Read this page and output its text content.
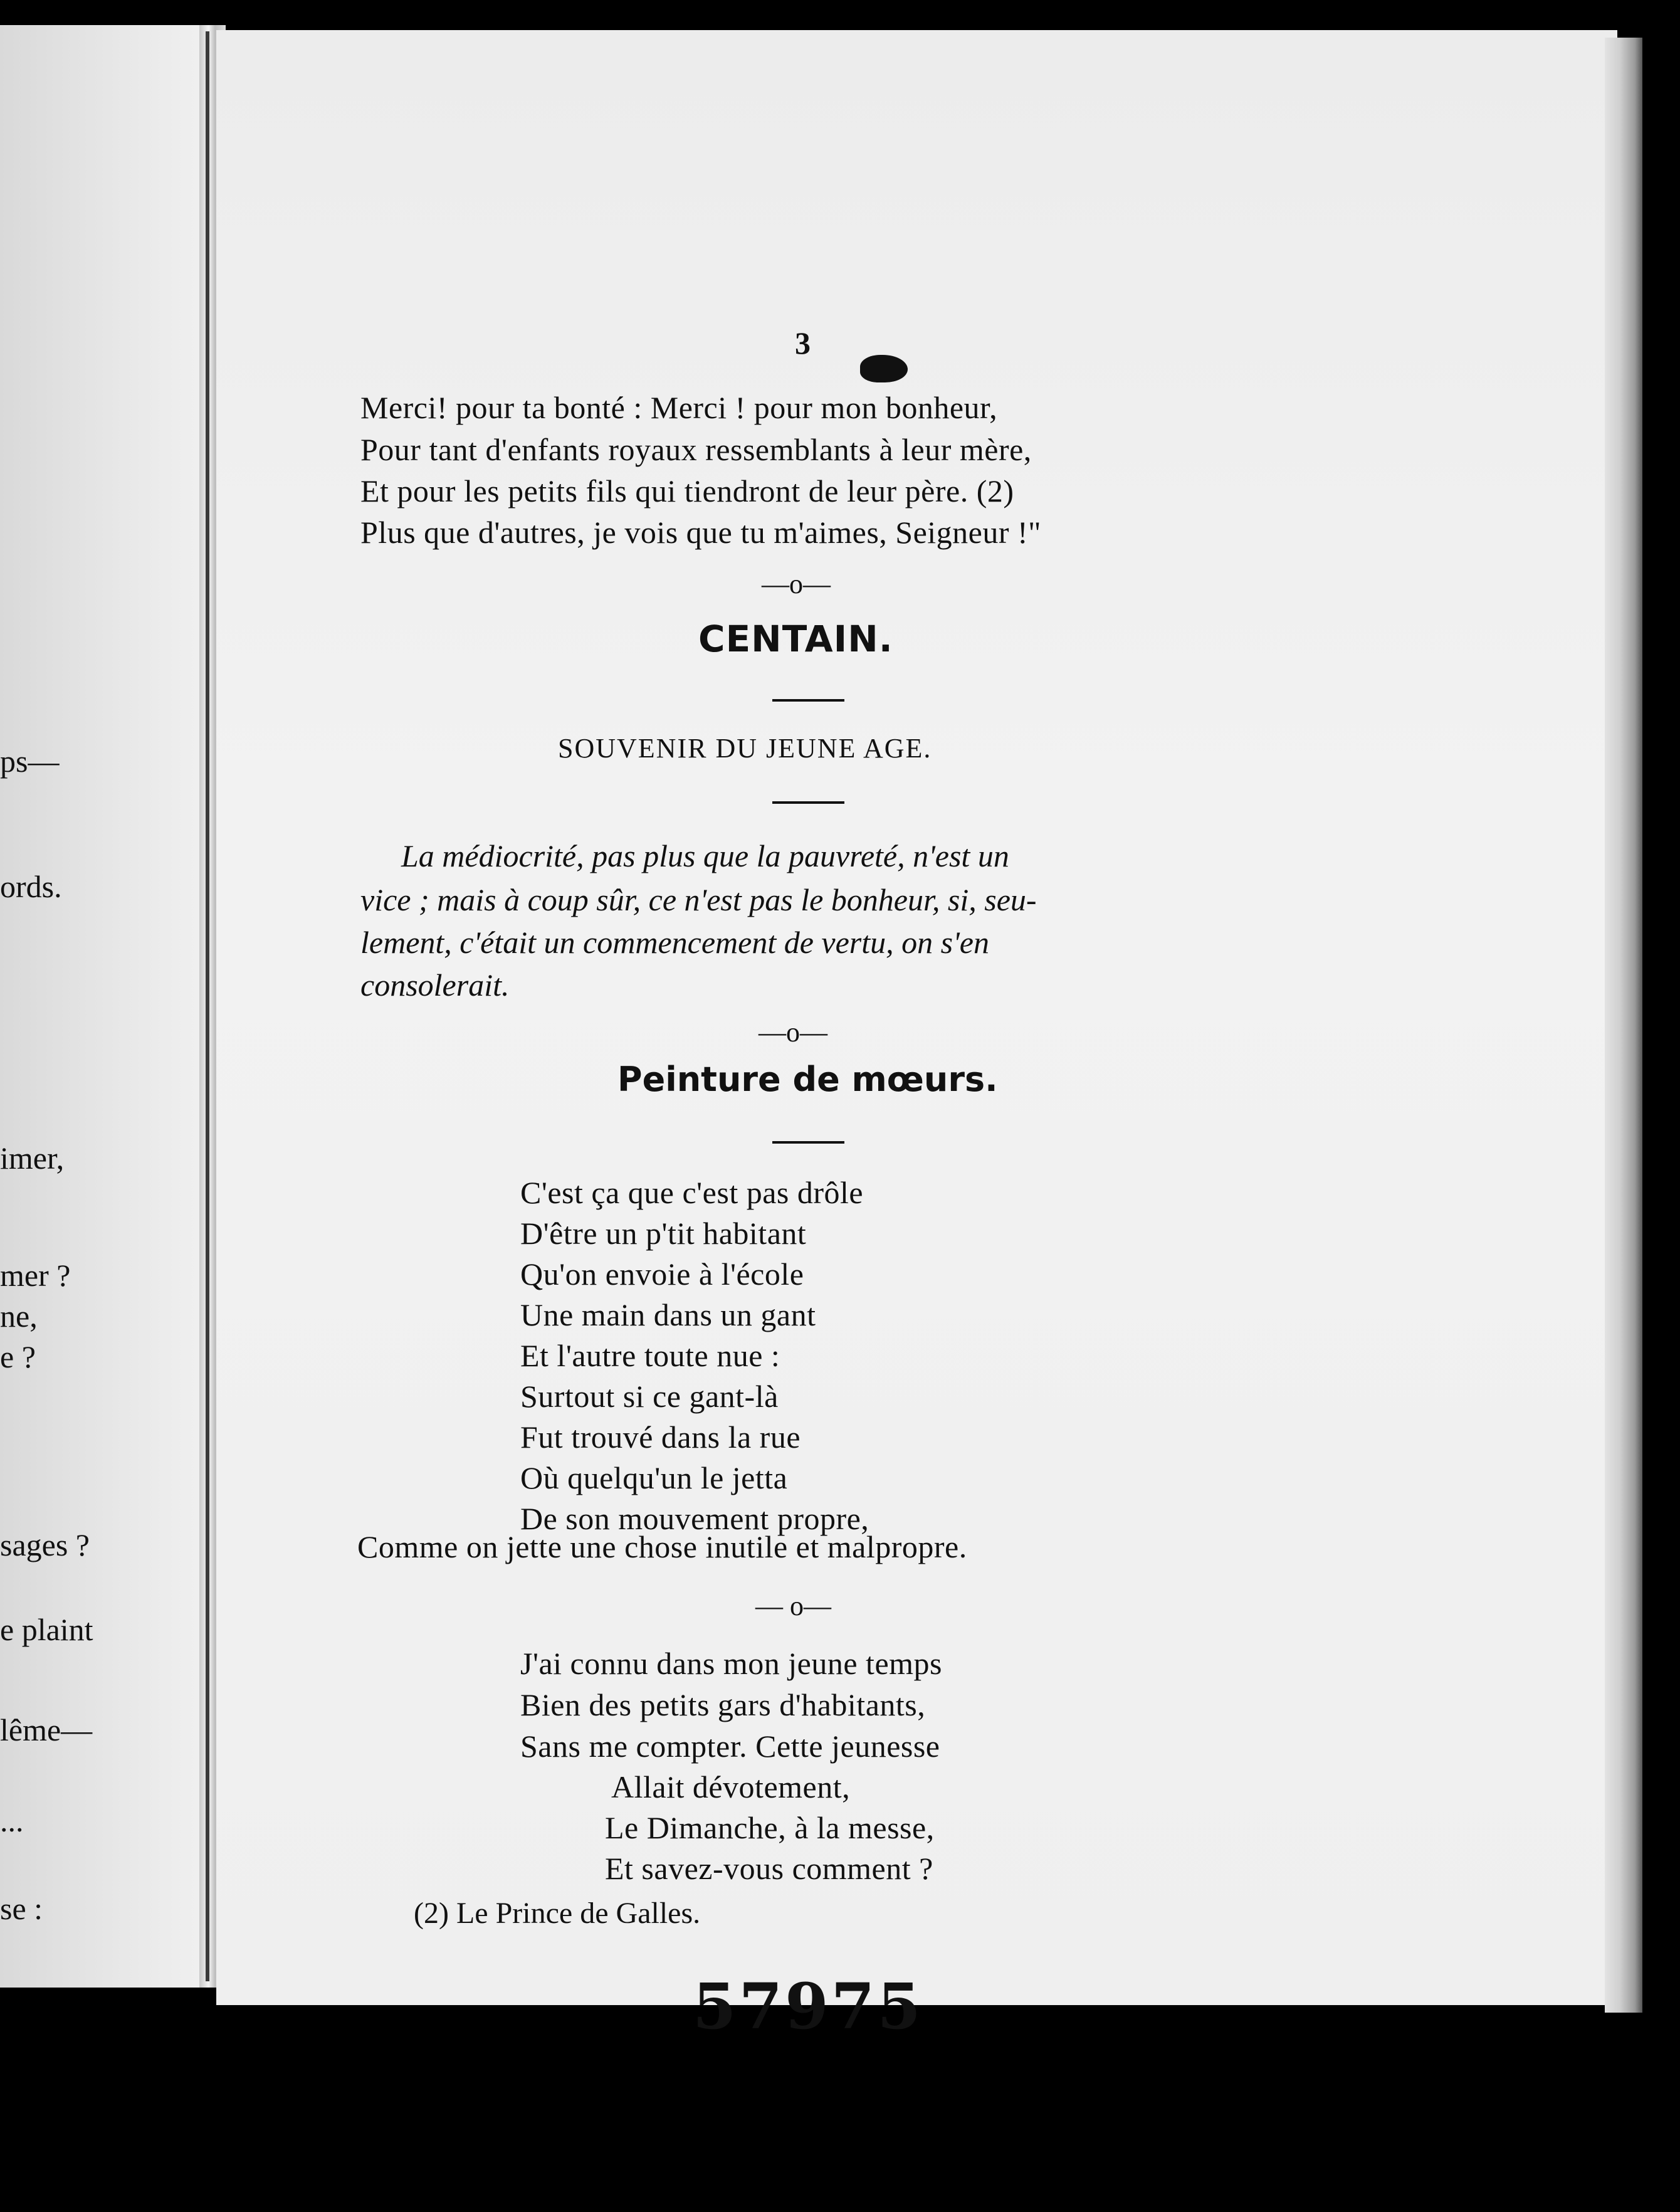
ps—
ords.
imer,
mer ?
ne,
e ?
sages ?
e plaint
lême—
...
se :
3
Merci! pour ta bonté : Merci ! pour mon bonheur,
Pour tant d'enfants royaux ressemblants à leur mère,
Et pour les petits fils qui tiendront de leur père. (2)
Plus que d'autres, je vois que tu m'aimes, Seigneur !"
—o—
CENTAIN.
SOUVENIR DU JEUNE AGE.
La médiocrité, pas plus que la pauvreté, n'est un
vice ; mais à coup sûr, ce n'est pas le bonheur, si, seu-
lement, c'était un commencement de vertu, on s'en
consolerait.
—o—
Peinture de mœurs.
C'est ça que c'est pas drôle
D'être un p'tit habitant
Qu'on envoie à l'école
Une main dans un gant
Et l'autre toute nue :
Surtout si ce gant-là
Fut trouvé dans la rue
Où quelqu'un le jetta
De son mouvement propre,
Comme on jette une chose inutile et malpropre.
— o—
J'ai connu dans mon jeune temps
Bien des petits gars d'habitants,
Sans me compter. Cette jeunesse
Allait dévotement,
Le Dimanche, à la messe,
Et savez-vous comment ?
(2) Le Prince de Galles.
57975
